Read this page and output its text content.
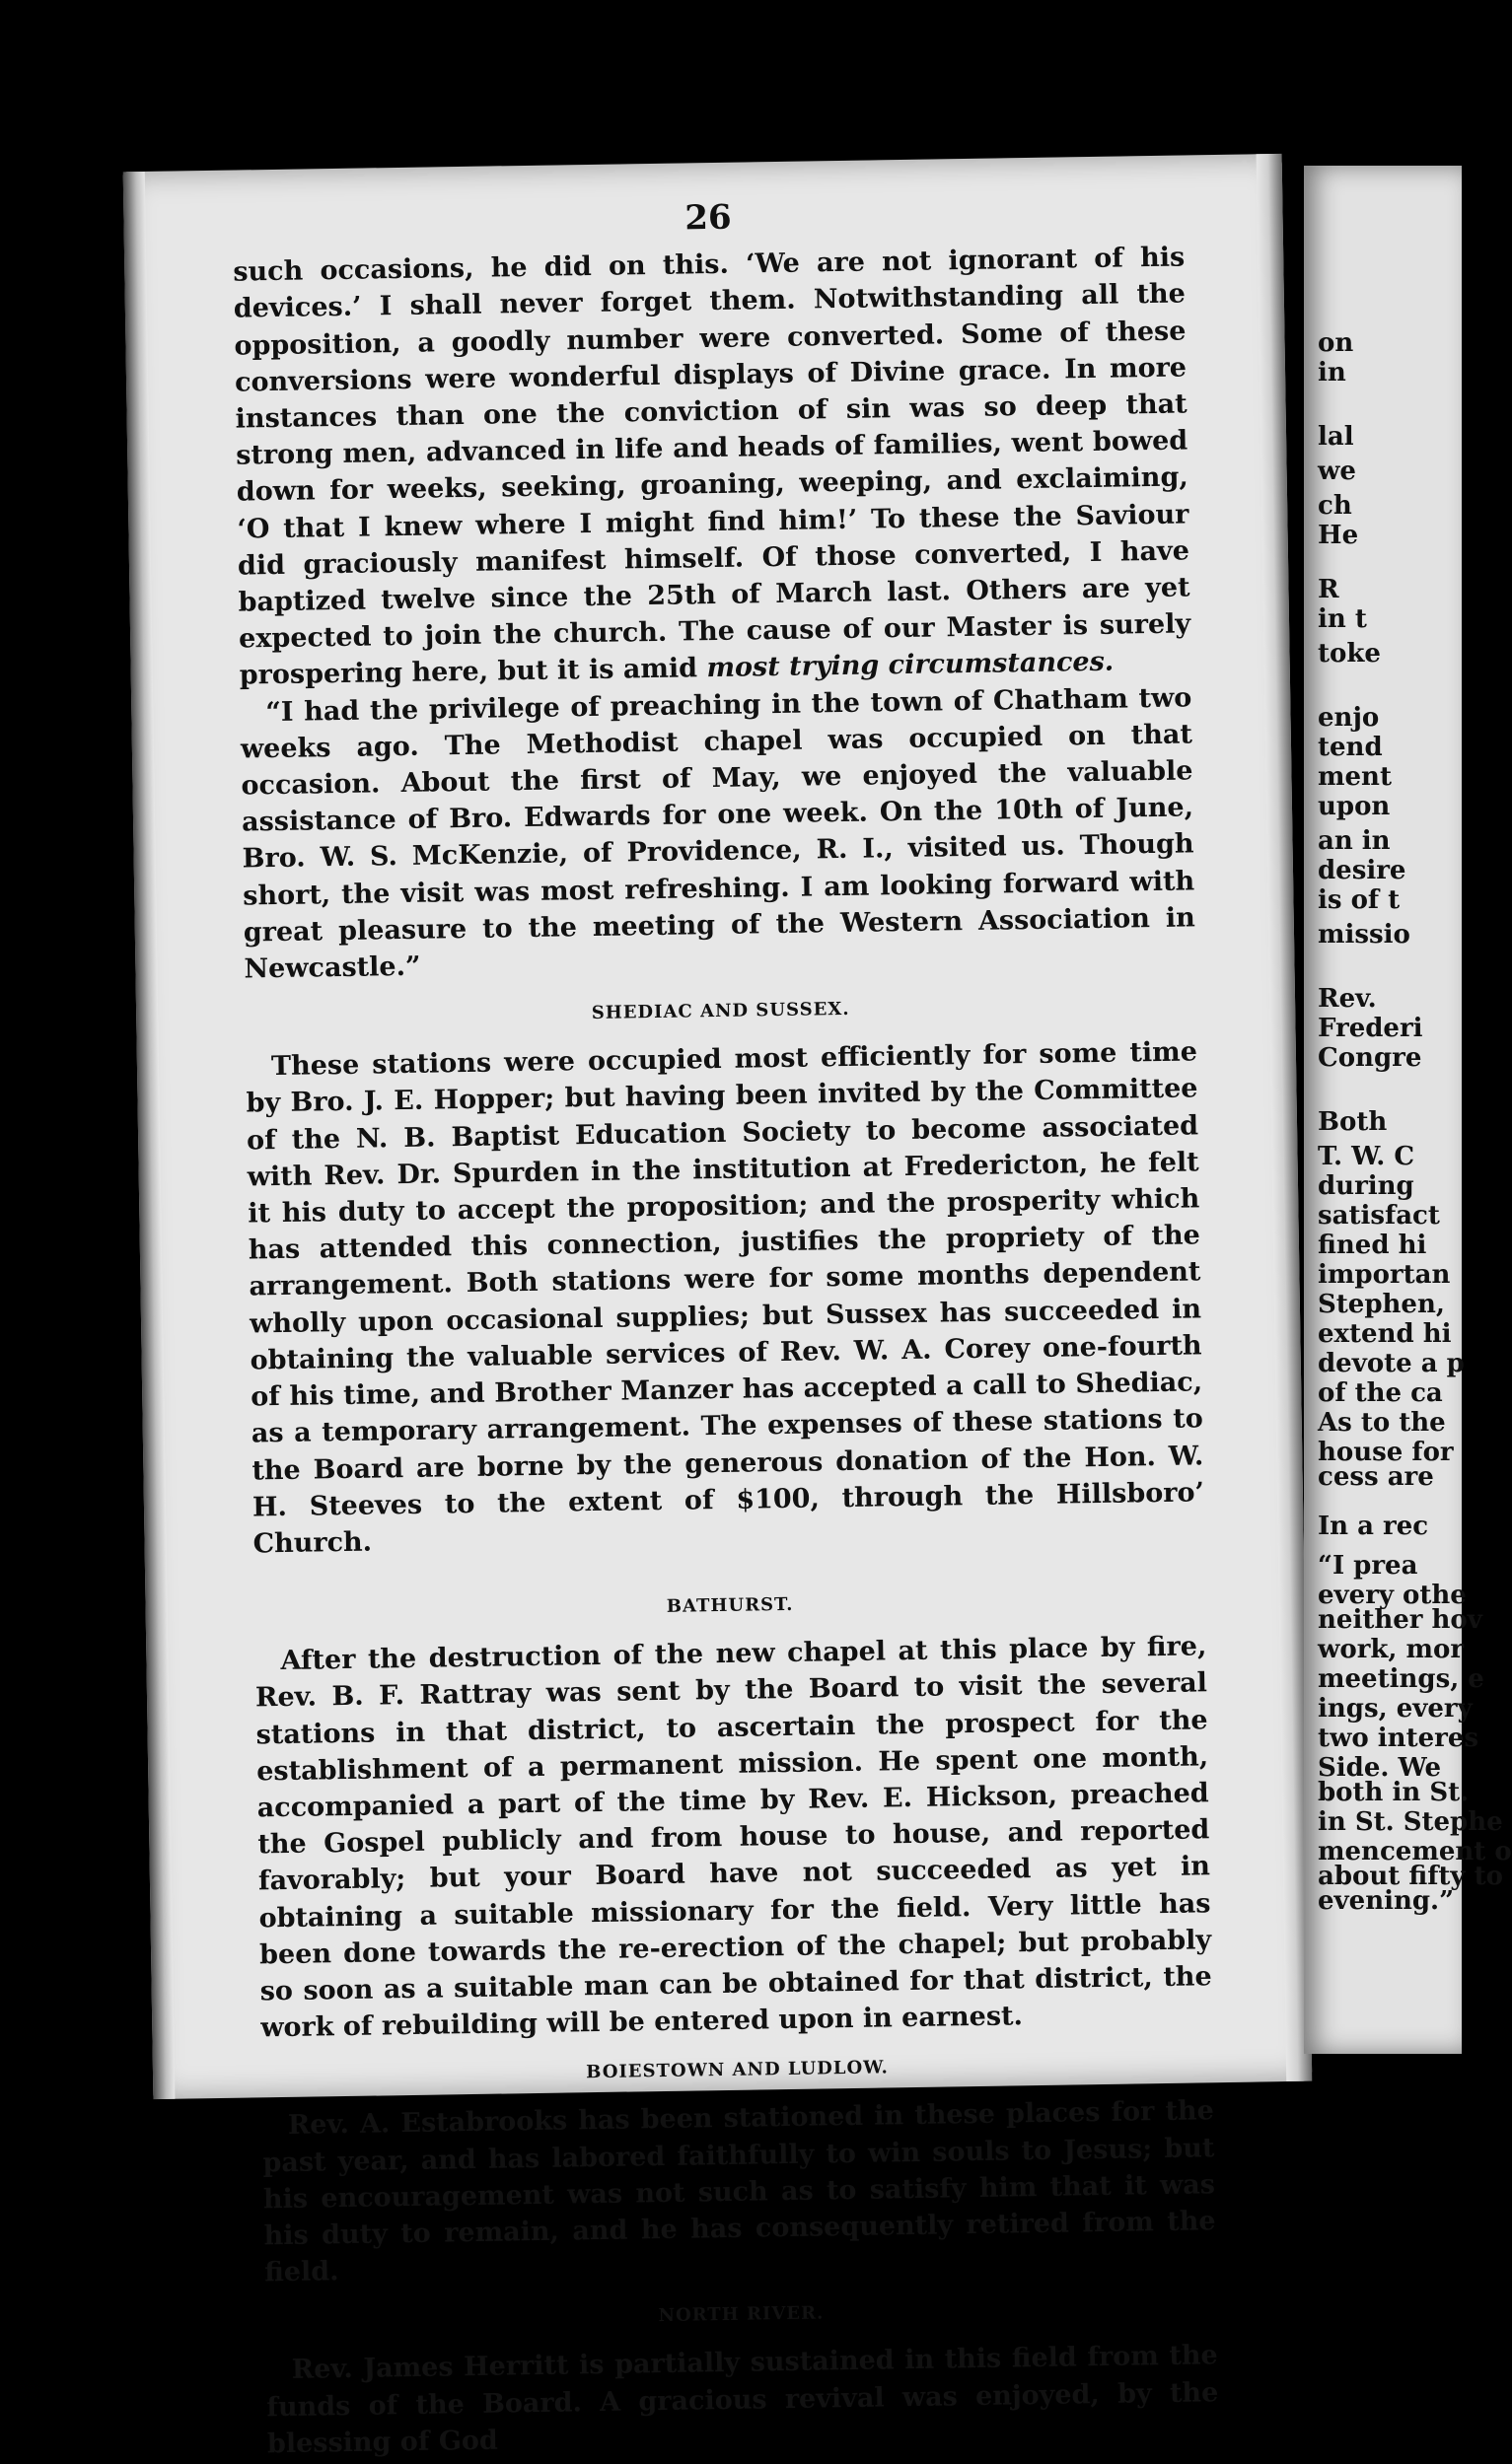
26

such occasions, he did on this. ‘We are not ignorant of his devices.’ I shall never forget them. Notwithstanding all the opposition, a goodly number were converted. Some of these conversions were wonderful displays of Divine grace. In more instances than one the conviction of sin was so deep that strong men, advanced in life and heads of families, went bowed down for weeks, seeking, groaning, weeping, and exclaiming, ‘O that I knew where I might find him!’ To these the Saviour did graciously manifest himself. Of those converted, I have baptized twelve since the 25th of March last. Others are yet expected to join the church. The cause of our Master is surely prospering here, but it is amid most trying circumstances.

“I had the privilege of preaching in the town of Chatham two weeks ago. The Methodist chapel was occupied on that occasion. About the first of May, we enjoyed the valuable assistance of Bro. Edwards for one week. On the 10th of June, Bro. W. S. McKenzie, of Providence, R. I., visited us. Though short, the visit was most refreshing. I am looking forward with great pleasure to the meeting of the Western Association in Newcastle.”

SHEDIAC AND SUSSEX.

These stations were occupied most efficiently for some time by Bro. J. E. Hopper; but having been invited by the Committee of the N. B. Baptist Education Society to become associated with Rev. Dr. Spurden in the institution at Fredericton, he felt it his duty to accept the proposition; and the prosperity which has attended this connection, justifies the propriety of the arrangement. Both stations were for some months dependent wholly upon occasional supplies; but Sussex has succeeded in obtaining the valuable services of Rev. W. A. Corey one-fourth of his time, and Brother Manzer has accepted a call to Shediac, as a temporary arrangement. The expenses of these stations to the Board are borne by the generous donation of the Hon. W. H. Steeves to the extent of $100, through the Hillsboro’ Church.

BATHURST.

After the destruction of the new chapel at this place by fire, Rev. B. F. Rattray was sent by the Board to visit the several stations in that district, to ascertain the prospect for the establishment of a permanent mission. He spent one month, accompanied a part of the time by Rev. E. Hickson, preached the Gospel publicly and from house to house, and reported favorably; but your Board have not succeeded as yet in obtaining a suitable missionary for the field. Very little has been done towards the re-erection of the chapel; but probably so soon as a suitable man can be obtained for that district, the work of rebuilding will be entered upon in earnest.

BOIESTOWN AND LUDLOW.

Rev. A. Estabrooks has been stationed in these places for the past year, and has labored faithfully to win souls to Jesus; but his encouragement was not such as to satisfy him that it was his duty to remain, and he has consequently retired from the field.

NORTH RIVER.

Rev. James Herritt is partially sustained in this field from the funds of the Board. A gracious revival was enjoyed, by the blessing of God

on
in
lal
we
ch
He
R
in t
toke
enjo
tend
ment
upon
an in
desire
is of t
missio
Rev.
Frederi
Congre
Both
T. W. C
during
satisfact
fined hi
importan
Stephen,
extend hi
devote a p
of the ca
As to the
house for
cess are
In a rec
“I prea
every othe
neither hov
work, mor
meetings, e
ings, every
two interes
Side. We
both in St.
in St. Stephe
mencement o
about fifty to
evening.”
